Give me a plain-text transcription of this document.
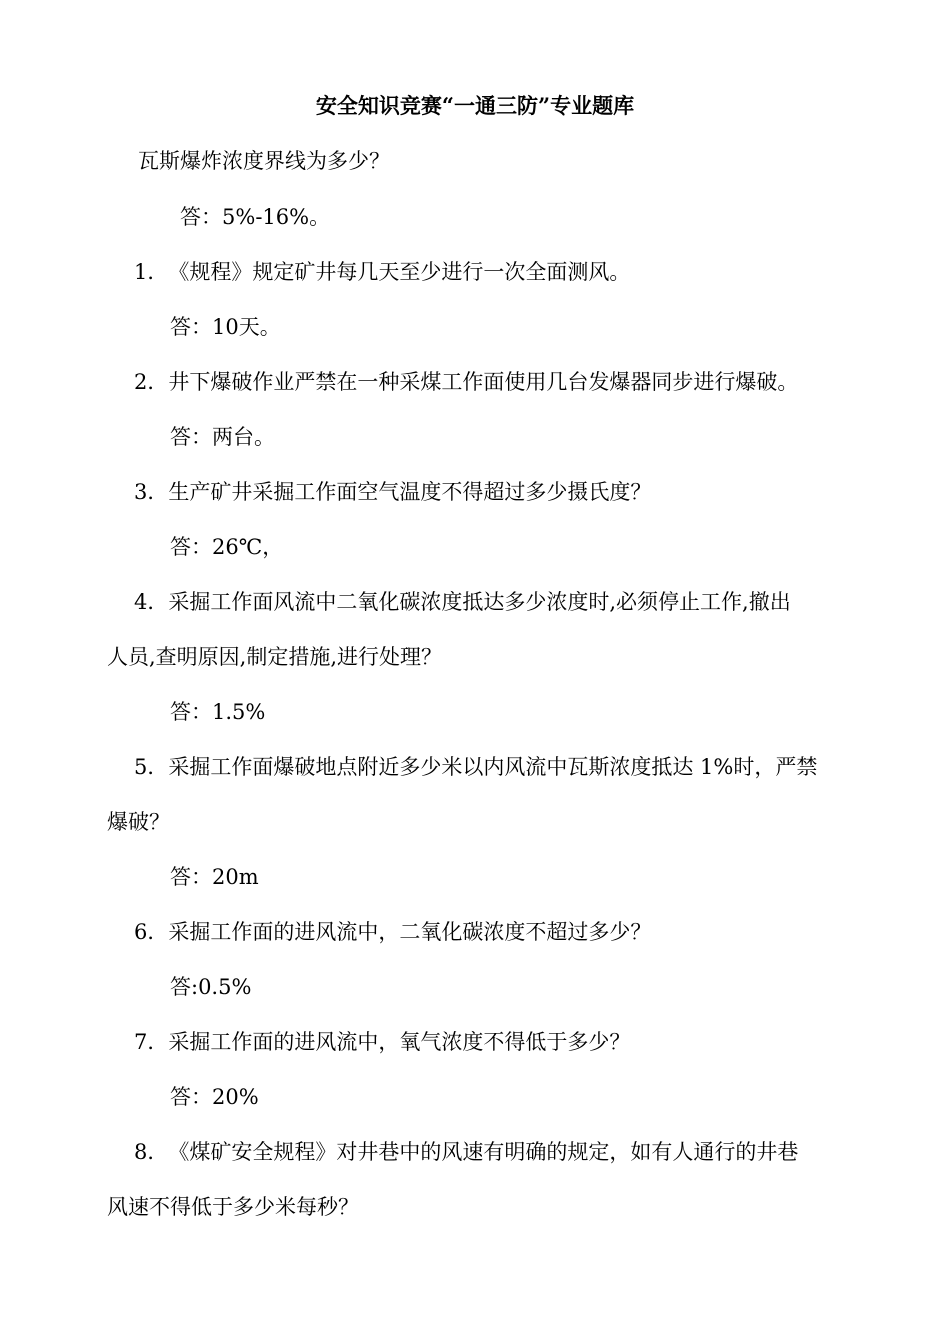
安全知识竞赛“一通三防”专业题库
瓦斯爆炸浓度界线为多少？
答：5%-16%。
1．《规程》规定矿井每几天至少进行一次全面测风。
答：10天。
2．井下爆破作业严禁在一种采煤工作面使用几台发爆器同步进行爆破。
答：两台。
3．生产矿井采掘工作面空气温度不得超过多少摄氏度？
答：26℃，
4．采掘工作面风流中二氧化碳浓度抵达多少浓度时,必须停止工作,撤出
人员,查明原因,制定措施,进行处理？
答：1.5%
5．采掘工作面爆破地点附近多少米以内风流中瓦斯浓度抵达 1%时，严禁
爆破？
答：20m
6．采掘工作面的进风流中，二氧化碳浓度不超过多少？
答:0.5%
7．采掘工作面的进风流中，氧气浓度不得低于多少？
答：20%
8．《煤矿安全规程》对井巷中的风速有明确的规定，如有人通行的井巷
风速不得低于多少米每秒？
